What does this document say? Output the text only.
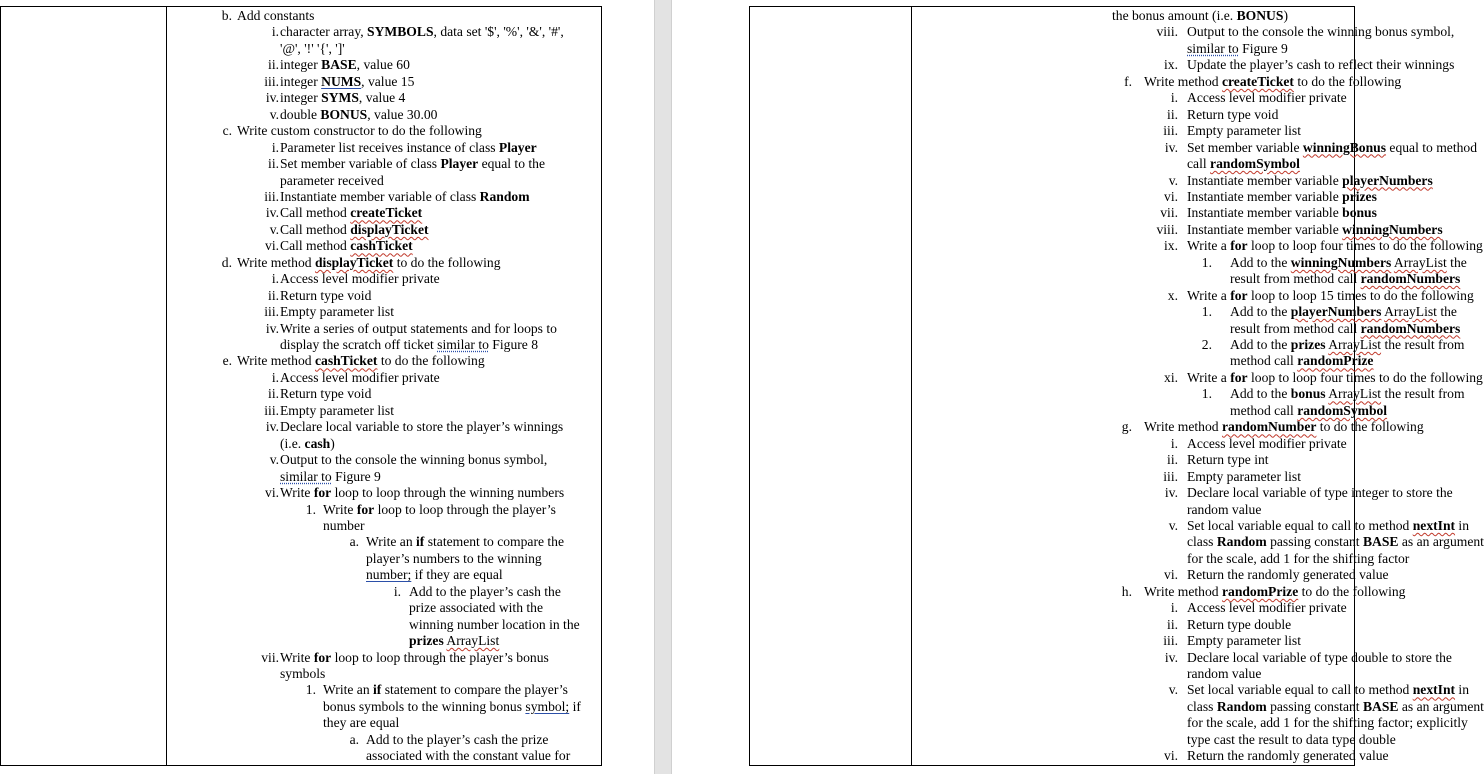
b. Add constants
i. character array, SYMBOLS, data set '$', '%', '&', '#',
'@', '!' '{', ']'
ii. integer BASE, value 60
iii. integer NUMS, value 15
iv. integer SYMS, value 4
v. double BONUS, value 30.00
c. Write custom constructor to do the following
i. Parameter list receives instance of class Player
ii. Set member variable of class Player equal to the
parameter received
iii. Instantiate member variable of class Random
iv. Call method createTicket
v. Call method displayTicket
vi. Call method cashTicket
d. Write method displayTicket to do the following
i. Access level modifier private
ii. Return type void
iii. Empty parameter list
iv. Write a series of output statements and for loops to
display the scratch off ticket similar to Figure 8
e. Write method cashTicket to do the following
i. Access level modifier private
ii. Return type void
iii. Empty parameter list
iv. Declare local variable to store the player’s winnings
(i.e. cash)
v. Output to the console the winning bonus symbol,
similar to Figure 9
vi. Write for loop to loop through the winning numbers
1. Write for loop to loop through the player’s
number
a. Write an if statement to compare the
player’s numbers to the winning
number; if they are equal
i. Add to the player’s cash the
prize associated with the
winning number location in the
prizes ArrayList
vii. Write for loop to loop through the player’s bonus
symbols
1. Write an if statement to compare the player’s
bonus symbols to the winning bonus symbol; if
they are equal
a. Add to the player’s cash the prize
associated with the constant value for
the bonus amount (i.e. BONUS)
viii. Output to the console the winning bonus symbol,
similar to Figure 9
ix. Update the player’s cash to reflect their winnings
f. Write method createTicket to do the following
i. Access level modifier private
ii. Return type void
iii. Empty parameter list
iv. Set member variable winningBonus equal to method
call randomSymbol
v. Instantiate member variable playerNumbers
vi. Instantiate member variable prizes
vii. Instantiate member variable bonus
viii. Instantiate member variable winningNumbers
ix. Write a for loop to loop four times to do the following
1. Add to the winningNumbers ArrayList the
result from method call randomNumbers
x. Write a for loop to loop 15 times to do the following
1. Add to the playerNumbers ArrayList the
result from method call randomNumbers
2. Add to the prizes ArrayList the result from
method call randomPrize
xi. Write a for loop to loop four times to do the following
1. Add to the bonus ArrayList the result from
method call randomSymbol
g. Write method randomNumber to do the following
i. Access level modifier private
ii. Return type int
iii. Empty parameter list
iv. Declare local variable of type integer to store the
random value
v. Set local variable equal to call to method nextInt in
class Random passing constant BASE as an argument
for the scale, add 1 for the shifting factor
vi. Return the randomly generated value
h. Write method randomPrize to do the following
i. Access level modifier private
ii. Return type double
iii. Empty parameter list
iv. Declare local variable of type double to store the
random value
v. Set local variable equal to call to method nextInt in
class Random passing constant BASE as an argument
for the scale, add 1 for the shifting factor; explicitly
type cast the result to data type double
vi. Return the randomly generated value
